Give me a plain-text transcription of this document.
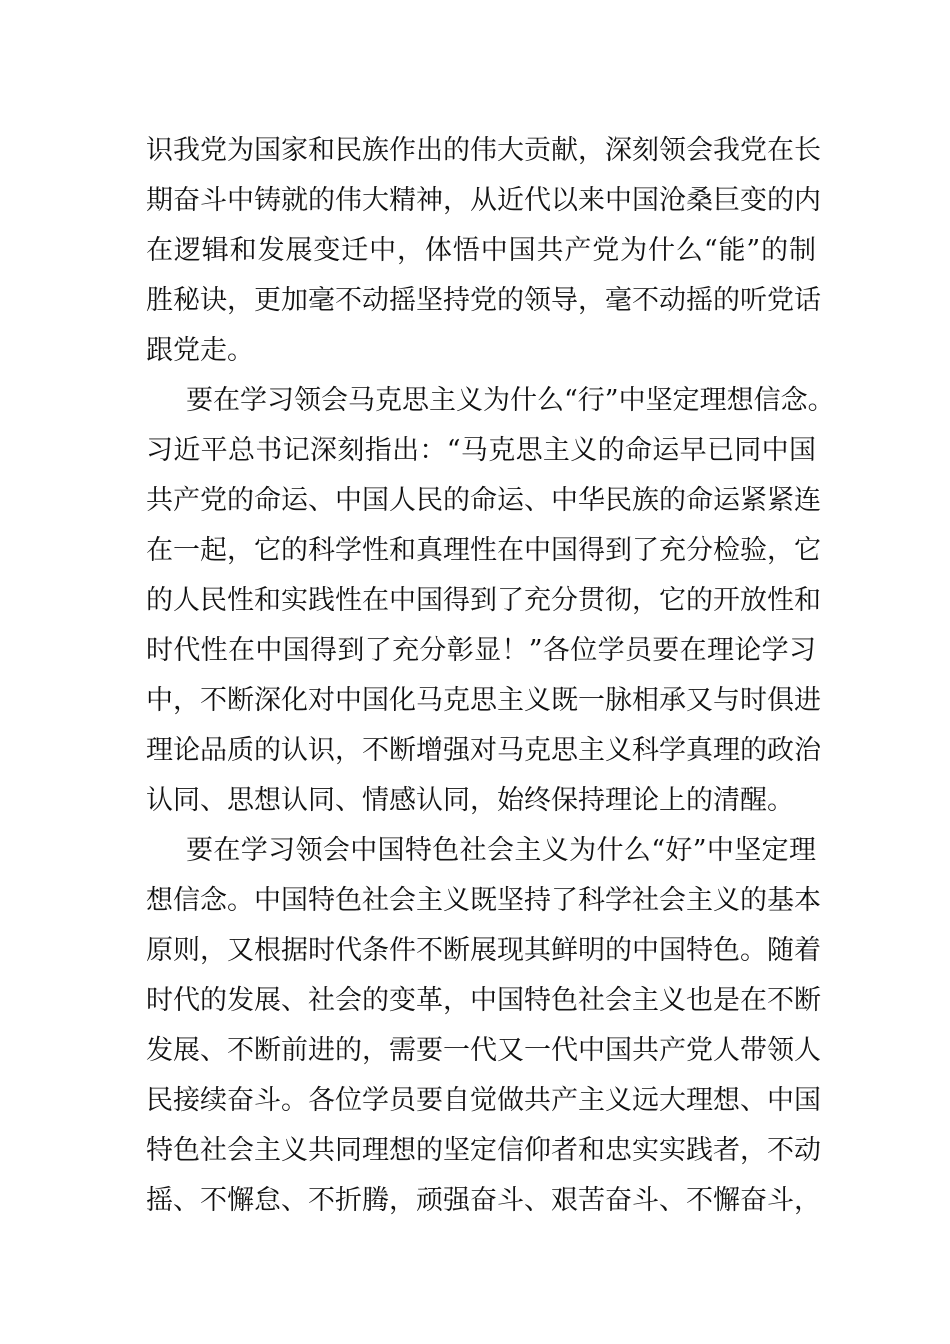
识我党为国家和民族作出的伟大贡献，深刻领会我党在长
期奋斗中铸就的伟大精神，从近代以来中国沧桑巨变的内
在逻辑和发展变迁中，体悟中国共产党为什么“能”的制
胜秘诀，更加毫不动摇坚持党的领导，毫不动摇的听党话
跟党走。
要在学习领会马克思主义为什么“行”中坚定理想信念。
习近平总书记深刻指出：“马克思主义的命运早已同中国
共产党的命运、中国人民的命运、中华民族的命运紧紧连
在一起，它的科学性和真理性在中国得到了充分检验，它
的人民性和实践性在中国得到了充分贯彻，它的开放性和
时代性在中国得到了充分彰显！”各位学员要在理论学习
中，不断深化对中国化马克思主义既一脉相承又与时俱进
理论品质的认识，不断增强对马克思主义科学真理的政治
认同、思想认同、情感认同，始终保持理论上的清醒。
要在学习领会中国特色社会主义为什么“好”中坚定理
想信念。中国特色社会主义既坚持了科学社会主义的基本
原则，又根据时代条件不断展现其鲜明的中国特色。随着
时代的发展、社会的变革，中国特色社会主义也是在不断
发展、不断前进的，需要一代又一代中国共产党人带领人
民接续奋斗。各位学员要自觉做共产主义远大理想、中国
特色社会主义共同理想的坚定信仰者和忠实实践者，不动
摇、不懈怠、不折腾，顽强奋斗、艰苦奋斗、不懈奋斗，
